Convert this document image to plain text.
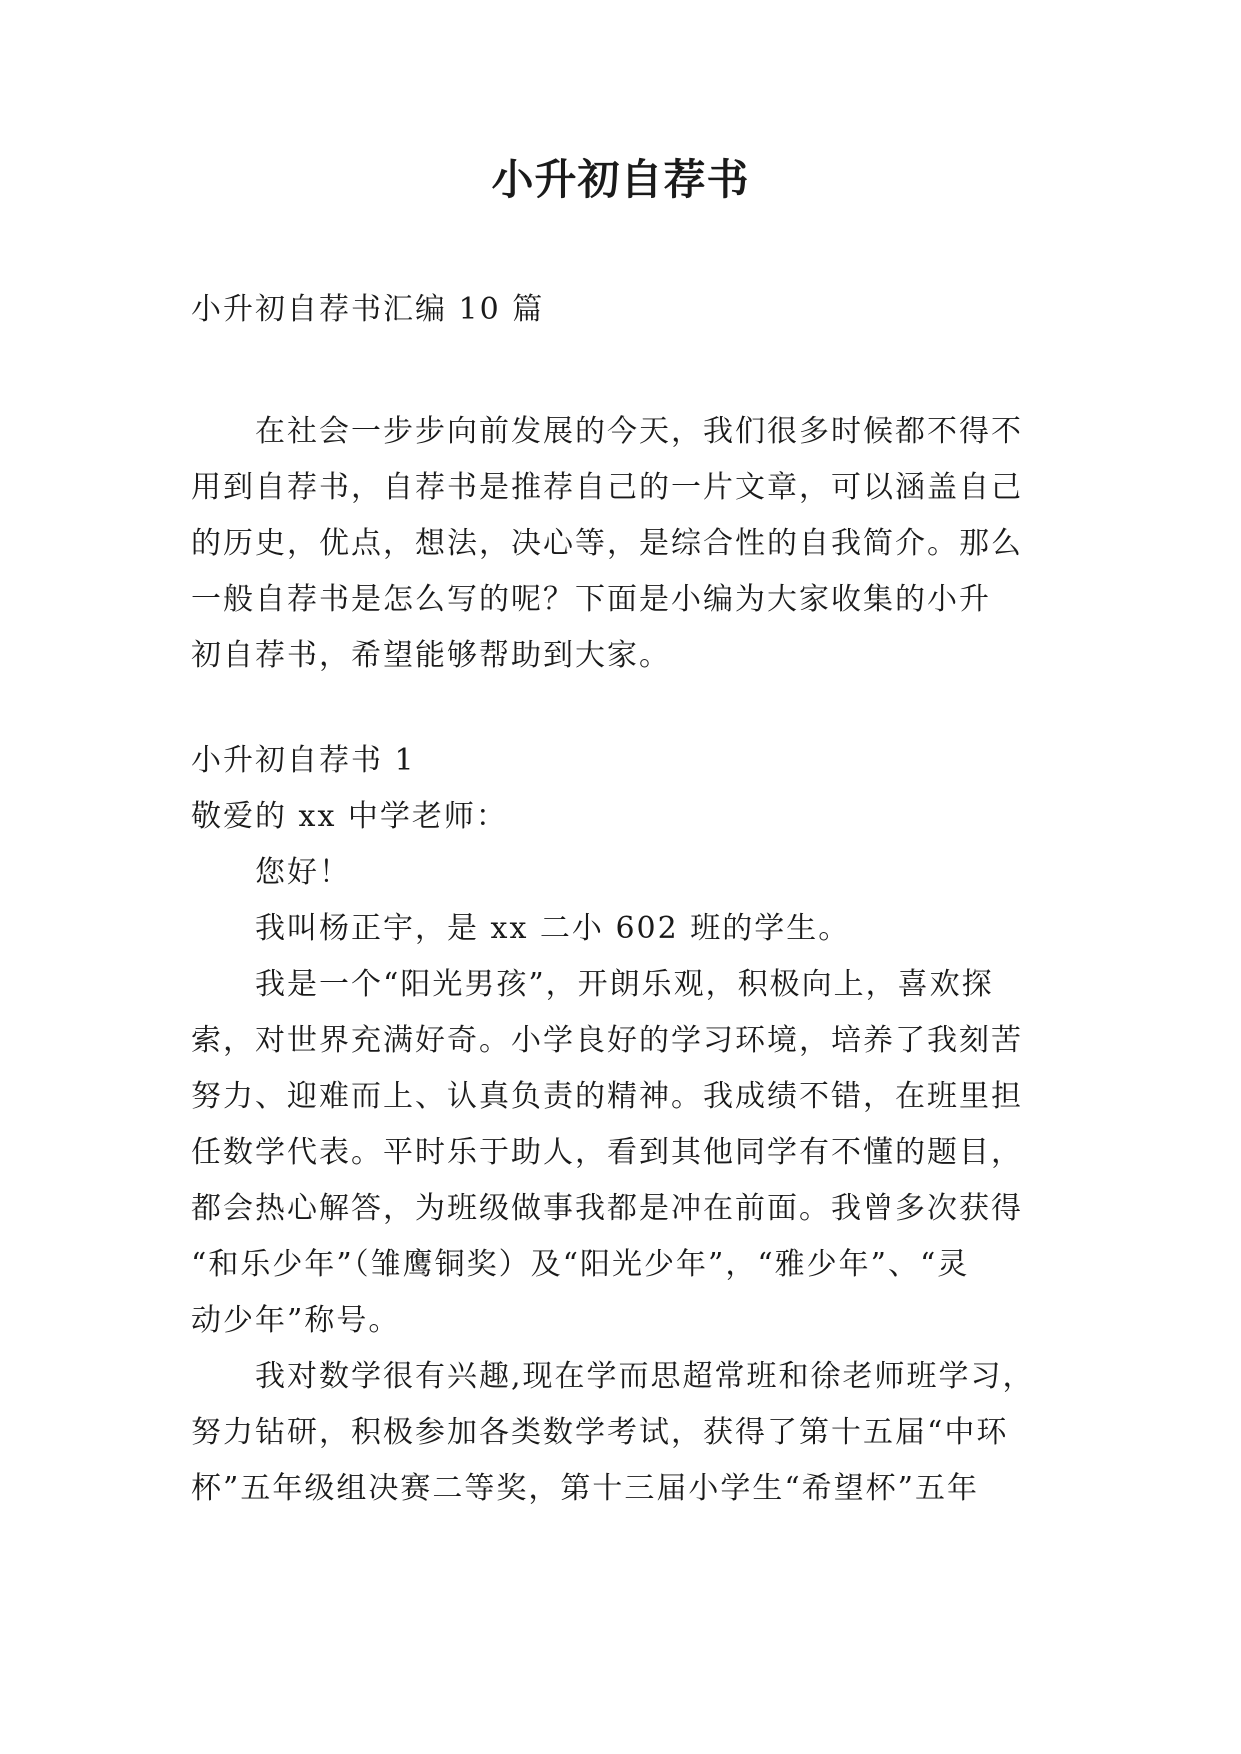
小升初自荐书
小升初自荐书汇编 10 篇
在社会一步步向前发展的今天，我们很多时候都不得不
用到自荐书，自荐书是推荐自己的一片文章，可以涵盖自己
的历史，优点，想法，决心等，是综合性的自我简介。那么
一般自荐书是怎么写的呢？下面是小编为大家收集的小升
初自荐书，希望能够帮助到大家。
小升初自荐书 1
敬爱的 xx 中学老师：
您好！
我叫杨正宇，是 xx 二小 602 班的学生。
我是一个“阳光男孩”，开朗乐观，积极向上，喜欢探
索，对世界充满好奇。小学良好的学习环境，培养了我刻苦
努力、迎难而上、认真负责的精神。我成绩不错，在班里担
任数学代表。平时乐于助人，看到其他同学有不懂的题目，
都会热心解答，为班级做事我都是冲在前面。我曾多次获得
“和乐少年”（雏鹰铜奖）及“阳光少年”，“雅少年”、“灵
动少年”称号。
我对数学很有兴趣,现在学而思超常班和徐老师班学习，
努力钻研，积极参加各类数学考试，获得了第十五届“中环
杯”五年级组决赛二等奖，第十三届小学生“希望杯”五年
